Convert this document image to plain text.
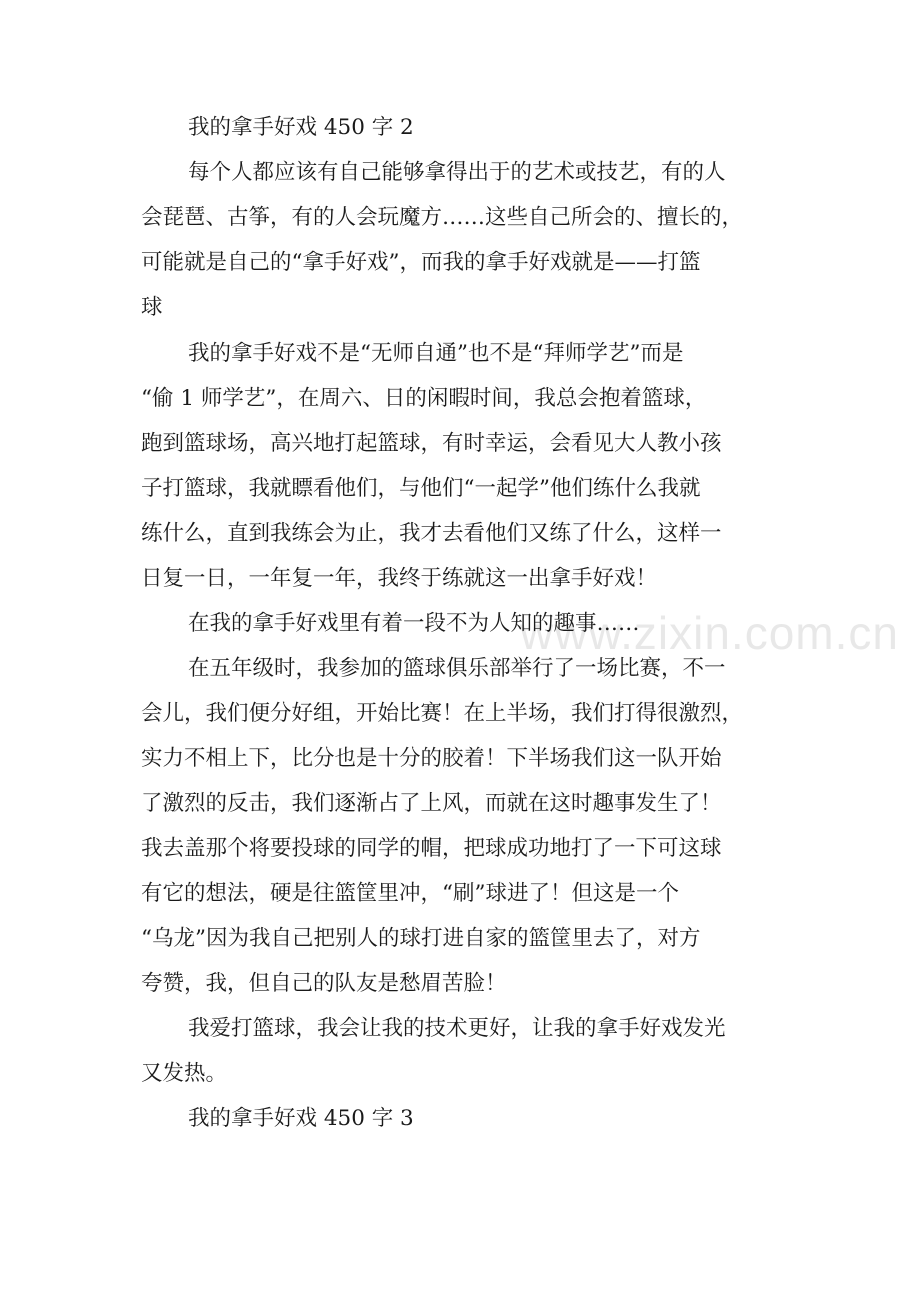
www.zixin.com.cn

我的拿手好戏 450 字 2

每个人都应该有自己能够拿得出于的艺术或技艺，有的人

会琵琶、古筝，有的人会玩魔方……这些自己所会的、擅长的，

可能就是自己的“拿手好戏”，而我的拿手好戏就是——打篮

球

我的拿手好戏不是“无师自通”也不是“拜师学艺”而是

“偷 1 师学艺”，在周六、日的闲暇时间，我总会抱着篮球，

跑到篮球场，高兴地打起篮球，有时幸运，会看见大人教小孩

子打篮球，我就瞟看他们，与他们“一起学”他们练什么我就

练什么，直到我练会为止，我才去看他们又练了什么，这样一

日复一日，一年复一年，我终于练就这一出拿手好戏！

在我的拿手好戏里有着一段不为人知的趣事……

在五年级时，我参加的篮球俱乐部举行了一场比赛，不一

会儿，我们便分好组，开始比赛！在上半场，我们打得很激烈，

实力不相上下，比分也是十分的胶着！下半场我们这一队开始

了激烈的反击，我们逐渐占了上风，而就在这时趣事发生了！

我去盖那个将要投球的同学的帽，把球成功地打了一下可这球

有它的想法，硬是往篮筐里冲，“刷”球进了！但这是一个

“乌龙”因为我自己把别人的球打进自家的篮筐里去了，对方

夸赞，我，但自己的队友是愁眉苦脸！

我爱打篮球，我会让我的技术更好，让我的拿手好戏发光

又发热。

我的拿手好戏 450 字 3
